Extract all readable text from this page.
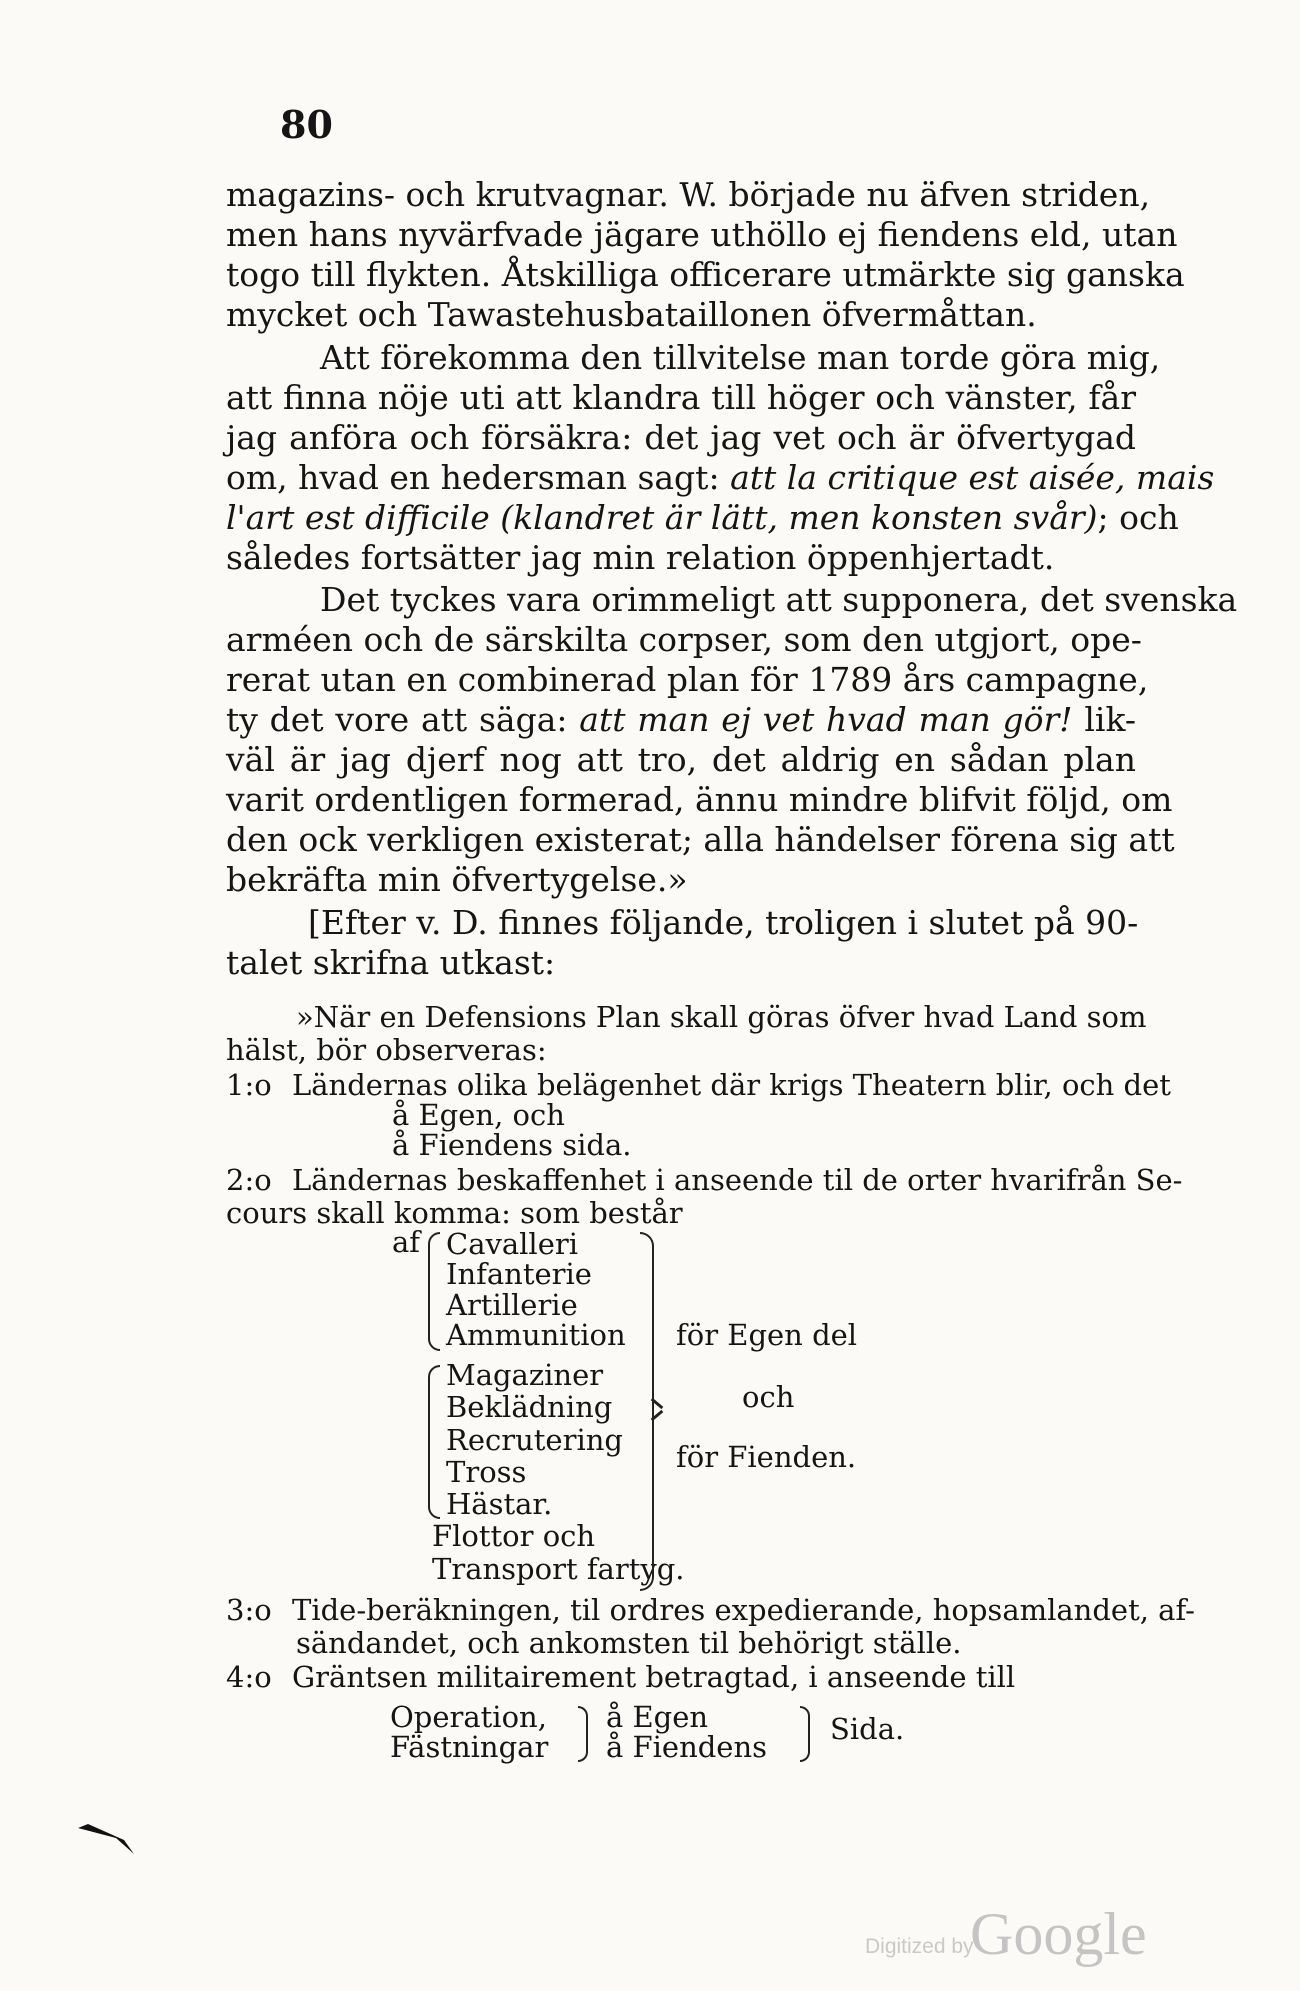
80
magazins- och krutvagnar. W. började nu äfven striden,
men hans nyvärfvade jägare uthöllo ej fiendens eld, utan
togo till flykten. Åtskilliga officerare utmärkte sig ganska
mycket och Tawastehusbataillonen öfvermåttan.
Att förekomma den tillvitelse man torde göra mig,
att finna nöje uti att klandra till höger och vänster, får
jag anföra och försäkra: det jag vet och är öfvertygad
om, hvad en hedersman sagt: att la critique est aisée, mais
l'art est difficile (klandret är lätt, men konsten svår); och
således fortsätter jag min relation öppenhjertadt.
Det tyckes vara orimmeligt att supponera, det svenska
arméen och de särskilta corpser, som den utgjort, ope-
rerat utan en combinerad plan för 1789 års campagne,
ty det vore att säga: att man ej vet hvad man gör! lik-
väl är jag djerf nog att tro, det aldrig en sådan plan
varit ordentligen formerad, ännu mindre blifvit följd, om
den ock verkligen existerat; alla händelser förena sig att
bekräfta min öfvertygelse.»
[Efter v. D. finnes följande, troligen i slutet på 90-
talet skrifna utkast:
»När en Defensions Plan skall göras öfver hvad Land som
hälst, bör observeras:
1:o Ländernas olika belägenhet där krigs Theatern blir, och det
å Egen, och
å Fiendens sida.
2:o Ländernas beskaffenhet i anseende til de orter hvarifrån Se-
cours skall komma: som består
af Cavalleri
Infanterie
Artillerie
Ammunition
Magaziner
Beklädning
Recrutering
Tross
Hästar.
Flottor och
Transport fartyg.
för Egen del
och
för Fienden.
3:o Tide-beräkningen, til ordres expedierande, hopsamlandet, af-
sändandet, och ankomsten til behörigt ställe.
4:o Gräntsen militairement betragtad, i anseende till
Operation,
Fästningar
å Egen
å Fiendens
Sida.
Digitized by
Google
